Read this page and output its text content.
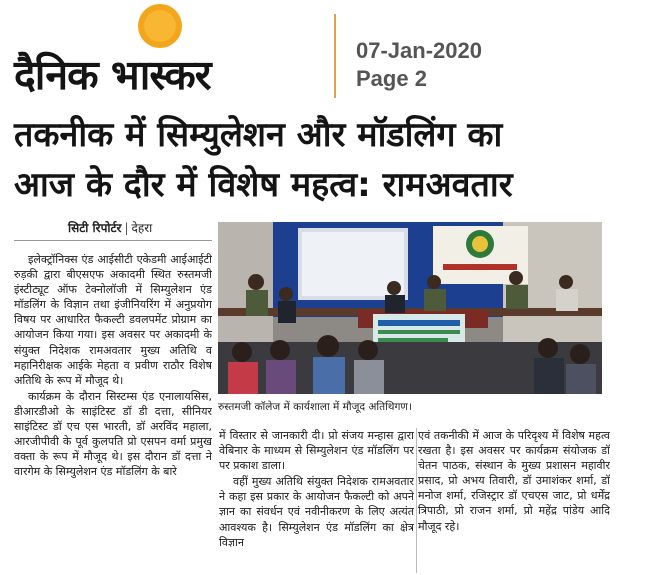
दैनिक भास्कर
07-Jan-2020
Page 2
तकनीक में सिम्युलेशन और मॉडलिंग का
आज के दौर में विशेष महत्व: रामअवतार
सिटी रिपोर्टर | देहरा

इलेक्ट्रॉनिक्स एंड आईसीटी एकेडमी आईआईटी रुड़की द्वारा बीएसएफ अकादमी स्थित रुस्तमजी इंस्टीट्यूट ऑफ टेक्नोलॉजी में सिम्युलेशन एंड मॉडलिंग के विज्ञान तथा इंजीनियरिंग में अनुप्रयोग विषय पर आधारित फैकल्टी डवलपमेंट प्रोग्राम का आयोजन किया गया। इस अवसर पर अकादमी के संयुक्त निदेशक रामअवतार मुख्य अतिथि व महानिरीक्षक आईके मेहता व प्रवीण राठौर विशेष अतिथि के रूप में मौजूद थे।

कार्यक्रम के दौरान सिस्टम्स एंड एनालायसिस, डीआरडीओ के साइंटिस्ट डॉ डी दत्ता, सीनियर साइंटिस्ट डॉ एच एस भारती, डॉ अरविंद महाला, आरजीपीवी के पूर्व कुलपति प्रो एसपन वर्मा प्रमुख वक्ता के रूप में मौजूद थे। इस दौरान डॉ दत्ता ने वारगेम के सिम्युलेशन एंड मॉडलिंग के बारे

रुस्तमजी कॉलेज में कार्यशाला में मौजूद अतिथिगण।

में विस्तार से जानकारी दी। प्रो संजय मन्हास द्वारा वेबिनार के माध्यम से सिम्युलेशन एंड मॉडलिंग पर पर प्रकाश डाला।

वहीं मुख्य अतिथि संयुक्त निदेशक रामअवतार ने कहा इस प्रकार के आयोजन फैकल्टी को अपने ज्ञान का संवर्धन एवं नवीनीकरण के लिए अत्यंत आवश्यक है। सिम्युलेशन एंड मॉडलिंग का क्षेत्र विज्ञान

एवं तकनीकी में आज के परिदृश्य में विशेष महत्व रखता है। इस अवसर पर कार्यक्रम संयोजक डॉ चेतन पाठक, संस्थान के मुख्य प्रशासन महावीर प्रसाद, प्रो अभय तिवारी, डॉ उमाशंकर शर्मा, डॉ मनोज शर्मा, रजिस्ट्रार डॉ एचएस जाट, प्रो धर्मेंद्र त्रिपाठी, प्रो राजन शर्मा, प्रो महेंद्र पांडेय आदि मौजूद रहे।
